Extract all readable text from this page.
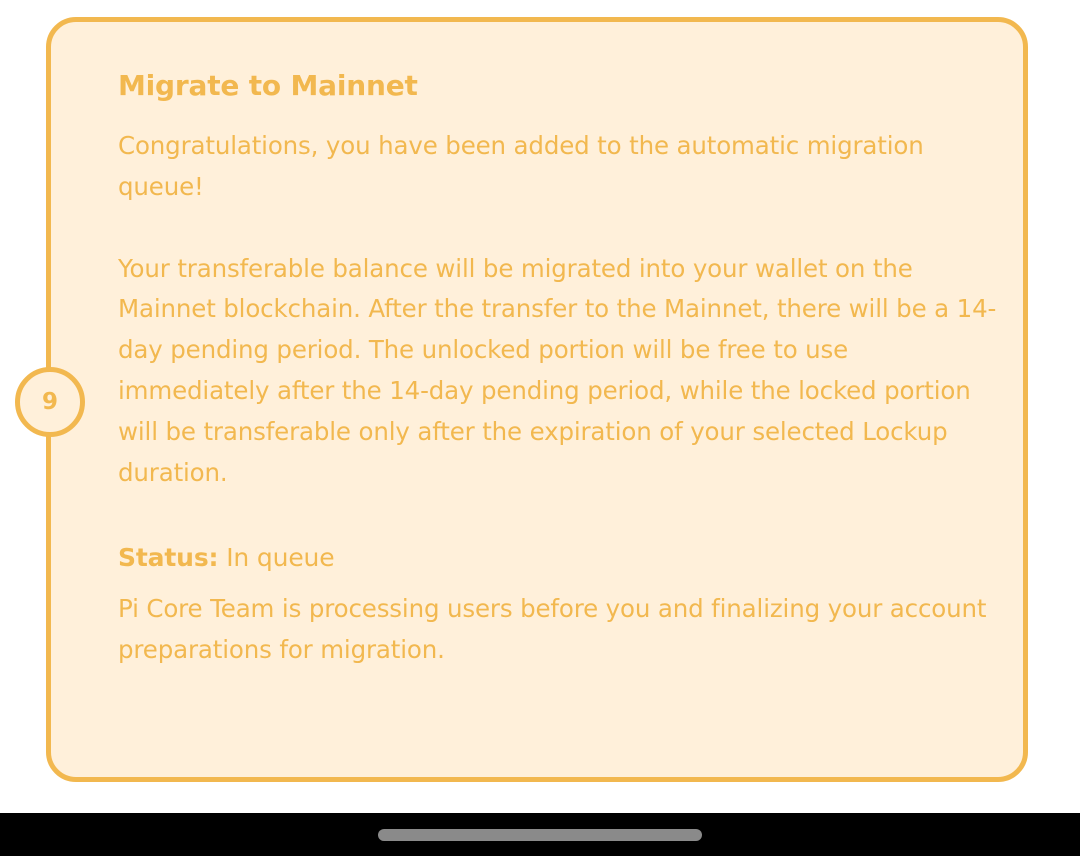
9
Migrate to Mainnet

Congratulations, you have been added to the automatic migration queue!

Your transferable balance will be migrated into your wallet on the Mainnet blockchain. After the transfer to the Mainnet, there will be a 14-day pending period. The unlocked portion will be free to use immediately after the 14-day pending period, while the locked portion will be transferable only after the expiration of your selected Lockup duration.

Status: In queue

Pi Core Team is processing users before you and finalizing your account preparations for migration.
